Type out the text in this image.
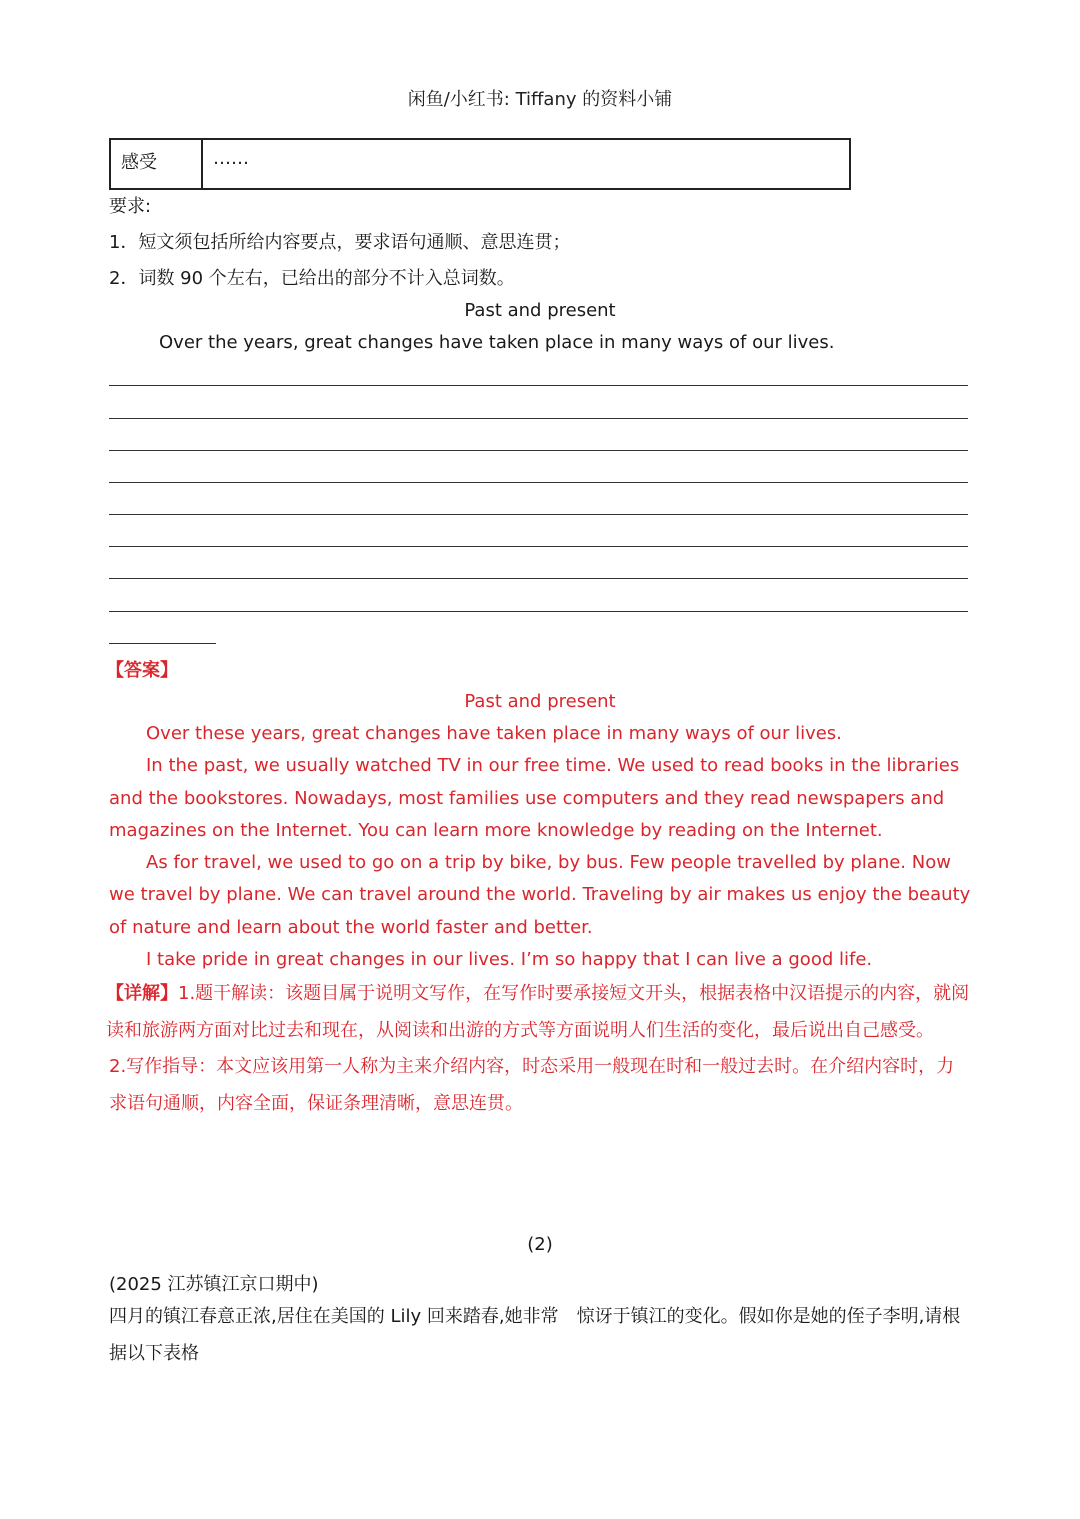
闲鱼/小红书: Tiffany 的资料小铺
感受	……
要求:
1．短文须包括所给内容要点，要求语句通顺、意思连贯；
2．词数 90 个左右，已给出的部分不计入总词数。
Past and present
Over the years, great changes have taken place in many ways of our lives.
【答案】
Past and present
Over these years, great changes have taken place in many ways of our lives.
In the past, we usually watched TV in our free time. We used to read books in the libraries and the bookstores. Nowadays, most families use computers and they read newspapers and magazines on the Internet. You can learn more knowledge by reading on the Internet.
As for travel, we used to go on a trip by bike, by bus. Few people travelled by plane. Now we travel by plane. We can travel around the world. Traveling by air makes us enjoy the beauty of nature and learn about the world faster and better.
I take pride in great changes in our lives. I’m so happy that I can live a good life.
【详解】1.题干解读：该题目属于说明文写作，在写作时要承接短文开头，根据表格中汉语提示的内容，就阅读和旅游两方面对比过去和现在，从阅读和出游的方式等方面说明人们生活的变化，最后说出自己感受。
2.写作指导：本文应该用第一人称为主来介绍内容，时态采用一般现在时和一般过去时。在介绍内容时，力求语句通顺，内容全面，保证条理清晰，意思连贯。
(2)
(2025 江苏镇江京口期中)
四月的镇江春意正浓,居住在美国的 Lily 回来踏春,她非常　惊讶于镇江的变化。假如你是她的侄子李明,请根据以下表格
